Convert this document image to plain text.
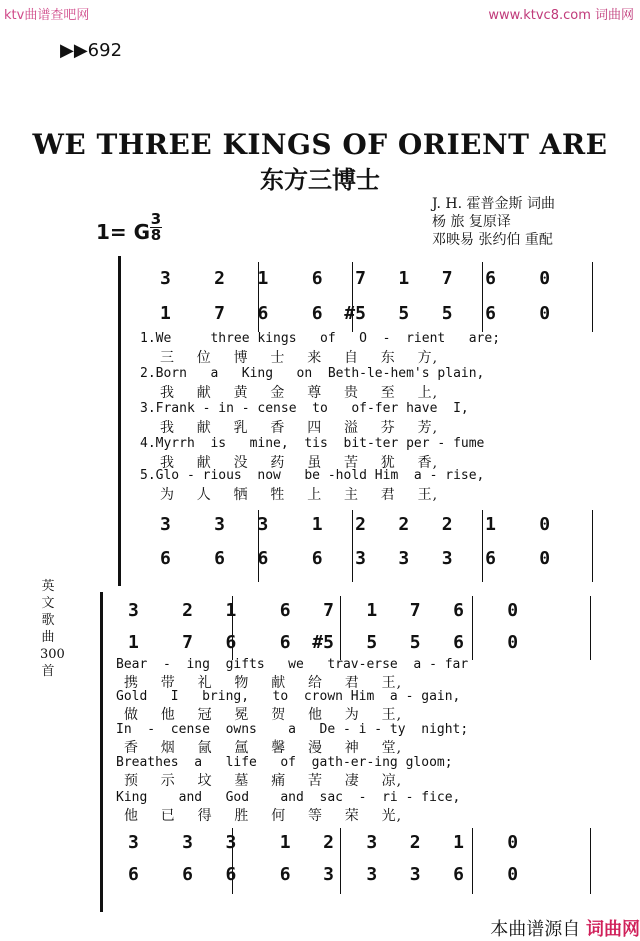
ktv曲谱查吧网	www.ktvc8.com 词曲网
▶▶692
WE THREE KINGS OF ORIENT ARE
东方三博士
J. H. 霍普金斯 词曲
杨 旅 复原译
邓映易 张约伯 重配
1= G
3
8
3    2   1    6   7   1   7   6    0
1    7   6    6  #5   5   5   6    0
1.We     three kings   of   O  -  rient   are;
三    位    博    士    来    自    东    方,
2.Born   a   King   on  Beth-le-hem's plain,
我    献    黄    金    尊    贵    至    上,
3.Frank - in - cense  to   of-fer have  I,
我    献    乳    香    四    溢    芬    芳,
4.Myrrh  is   mine,  tis  bit-ter per - fume
我    献    没    药    虽    苦    犹    香,
5.Glo - rious  now   be -hold Him  a - rise,
为    人    牺    牲    上    主    君    王,
3    3   3    1   2   2   2   1    0
6    6   6    6   3   3   3   6    0
英文歌曲300首
3    2   1    6   7   1   7   6    0
1    7   6    6  #5   5   5   6    0
Bear  -  ing  gifts   we   trav-erse  a - far
携    带    礼    物    献    给    君    王,
Gold   I   bring,   to  crown Him  a - gain,
做    他    冠    冕    贺    他    为    王,
In  -  cense  owns    a   De - i - ty  night;
香    烟    氤    氲    馨    漫    神    堂,
Breathes  a   life   of  gath-er-ing gloom;
预    示    坟    墓    痛    苦    凄    凉,
King    and   God    and  sac  -  ri - fice,
他    已    得    胜    何    等    荣    光,
3    3   3    1   2   3   2   1    0
6    6   6    6   3   3   3   6    0
本曲谱源自 词曲网
